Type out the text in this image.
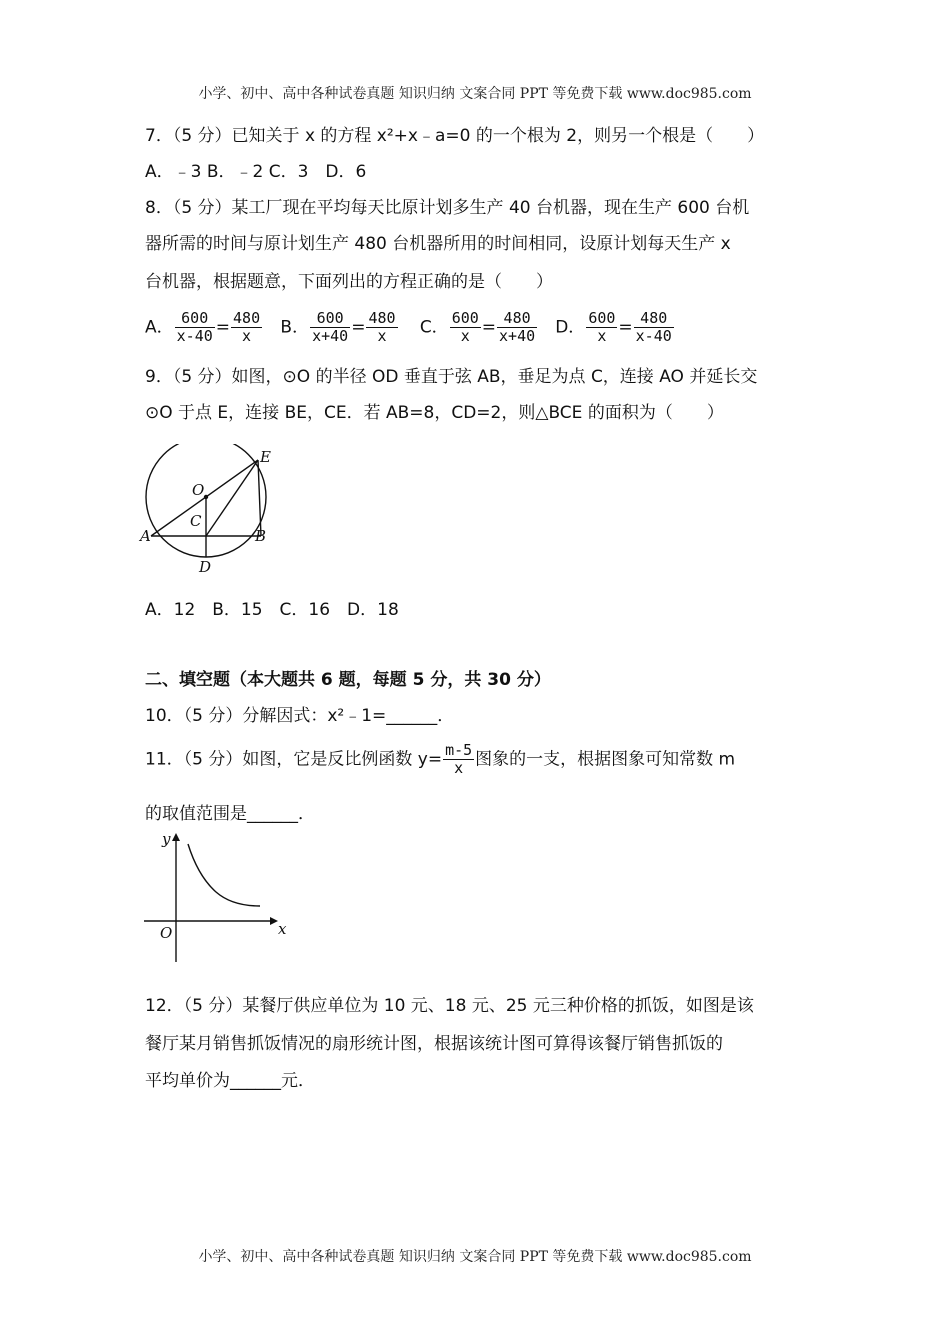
小学、初中、高中各种试卷真题 知识归纳 文案合同 PPT 等免费下载 www.doc985.com
7．（5 分）已知关于 x 的方程 x²+x﹣a=0 的一个根为 2，则另一个根是（　　）
A．﹣3 B．﹣2 C．3　D．6
8．（5 分）某工厂现在平均每天比原计划多生产 40 台机器，现在生产 600 台机
器所需的时间与原计划生产 480 台机器所用的时间相同，设原计划每天生产 x
台机器，根据题意，下面列出的方程正确的是（　　）
A． $\frac{600}{x-40} = \frac{480}{x}$ B． $\frac{600}{x+40} = \frac{480}{x}$ C． $\frac{600}{x} = \frac{480}{x+40}$ D． $\frac{600}{x} = \frac{480}{x-40}$
9．（5 分）如图，⊙O 的半径 OD 垂直于弦 AB，垂足为点 C，连接 AO 并延长交
⊙O 于点 E，连接 BE，CE．若 AB=8，CD=2，则△BCE 的面积为（　　）
E
O
C
A	B
D
A．12　B．15　C．16　D．18
二、填空题（本大题共 6 题，每题 5 分，共 30 分）
10．（5 分）分解因式：x²﹣1=______．
11．（5 分）如图，它是反比例函数 $y= \frac{m-5}{x}$ 图象的一支，根据图象可知常数 m
的取值范围是______．
y
x
O
12．（5 分）某餐厅供应单位为 10 元、18 元、25 元三种价格的抓饭，如图是该
餐厅某月销售抓饭情况的扇形统计图，根据该统计图可算得该餐厅销售抓饭的
平均单价为______元．
小学、初中、高中各种试卷真题 知识归纳 文案合同 PPT 等免费下载 www.doc985.com
